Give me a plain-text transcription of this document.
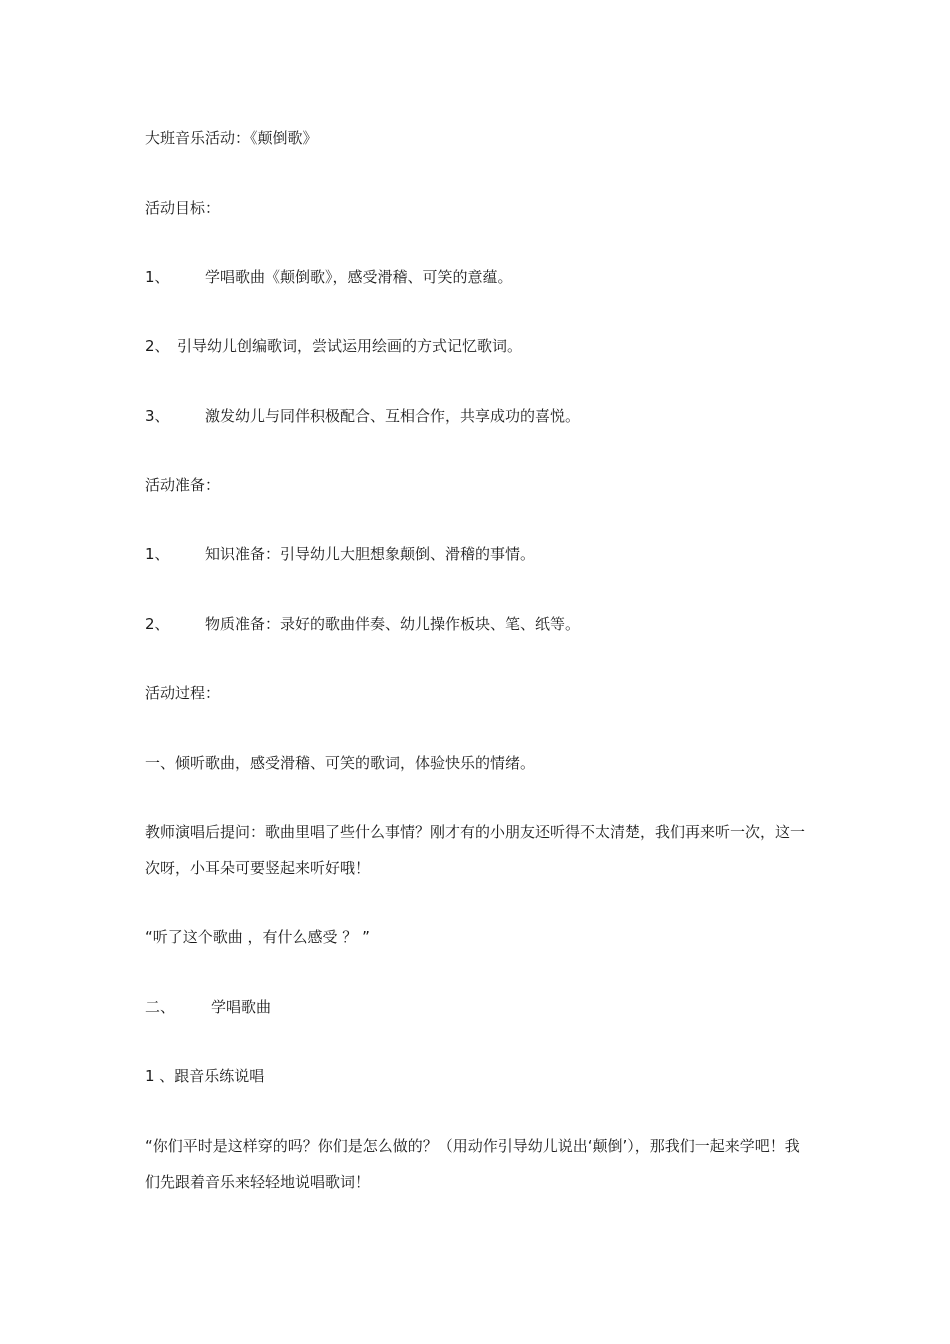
大班音乐活动：《颠倒歌》
活动目标：
1、 学唱歌曲《颠倒歌》，感受滑稽、可笑的意蕴。
2、 引导幼儿创编歌词，尝试运用绘画的方式记忆歌词。
3、 激发幼儿与同伴积极配合、互相合作，共享成功的喜悦。
活动准备：
1、 知识准备：引导幼儿大胆想象颠倒、滑稽的事情。
2、 物质准备：录好的歌曲伴奏、幼儿操作板块、笔、纸等。
活动过程：
一、倾听歌曲，感受滑稽、可笑的歌词，体验快乐的情绪。
教师演唱后提问：歌曲里唱了些什么事情？刚才有的小朋友还听得不太清楚，我们再来听一次，这一次呀，小耳朵可要竖起来听好哦！
“听了这个歌曲 ，有什么感受 ？ ”
二、 学唱歌曲
1 、跟音乐练说唱
“你们平时是这样穿的吗？你们是怎么做的？（用动作引导幼儿说出‘颠倒’），那我们一起来学吧！我们先跟着音乐来轻轻地说唱歌词！
